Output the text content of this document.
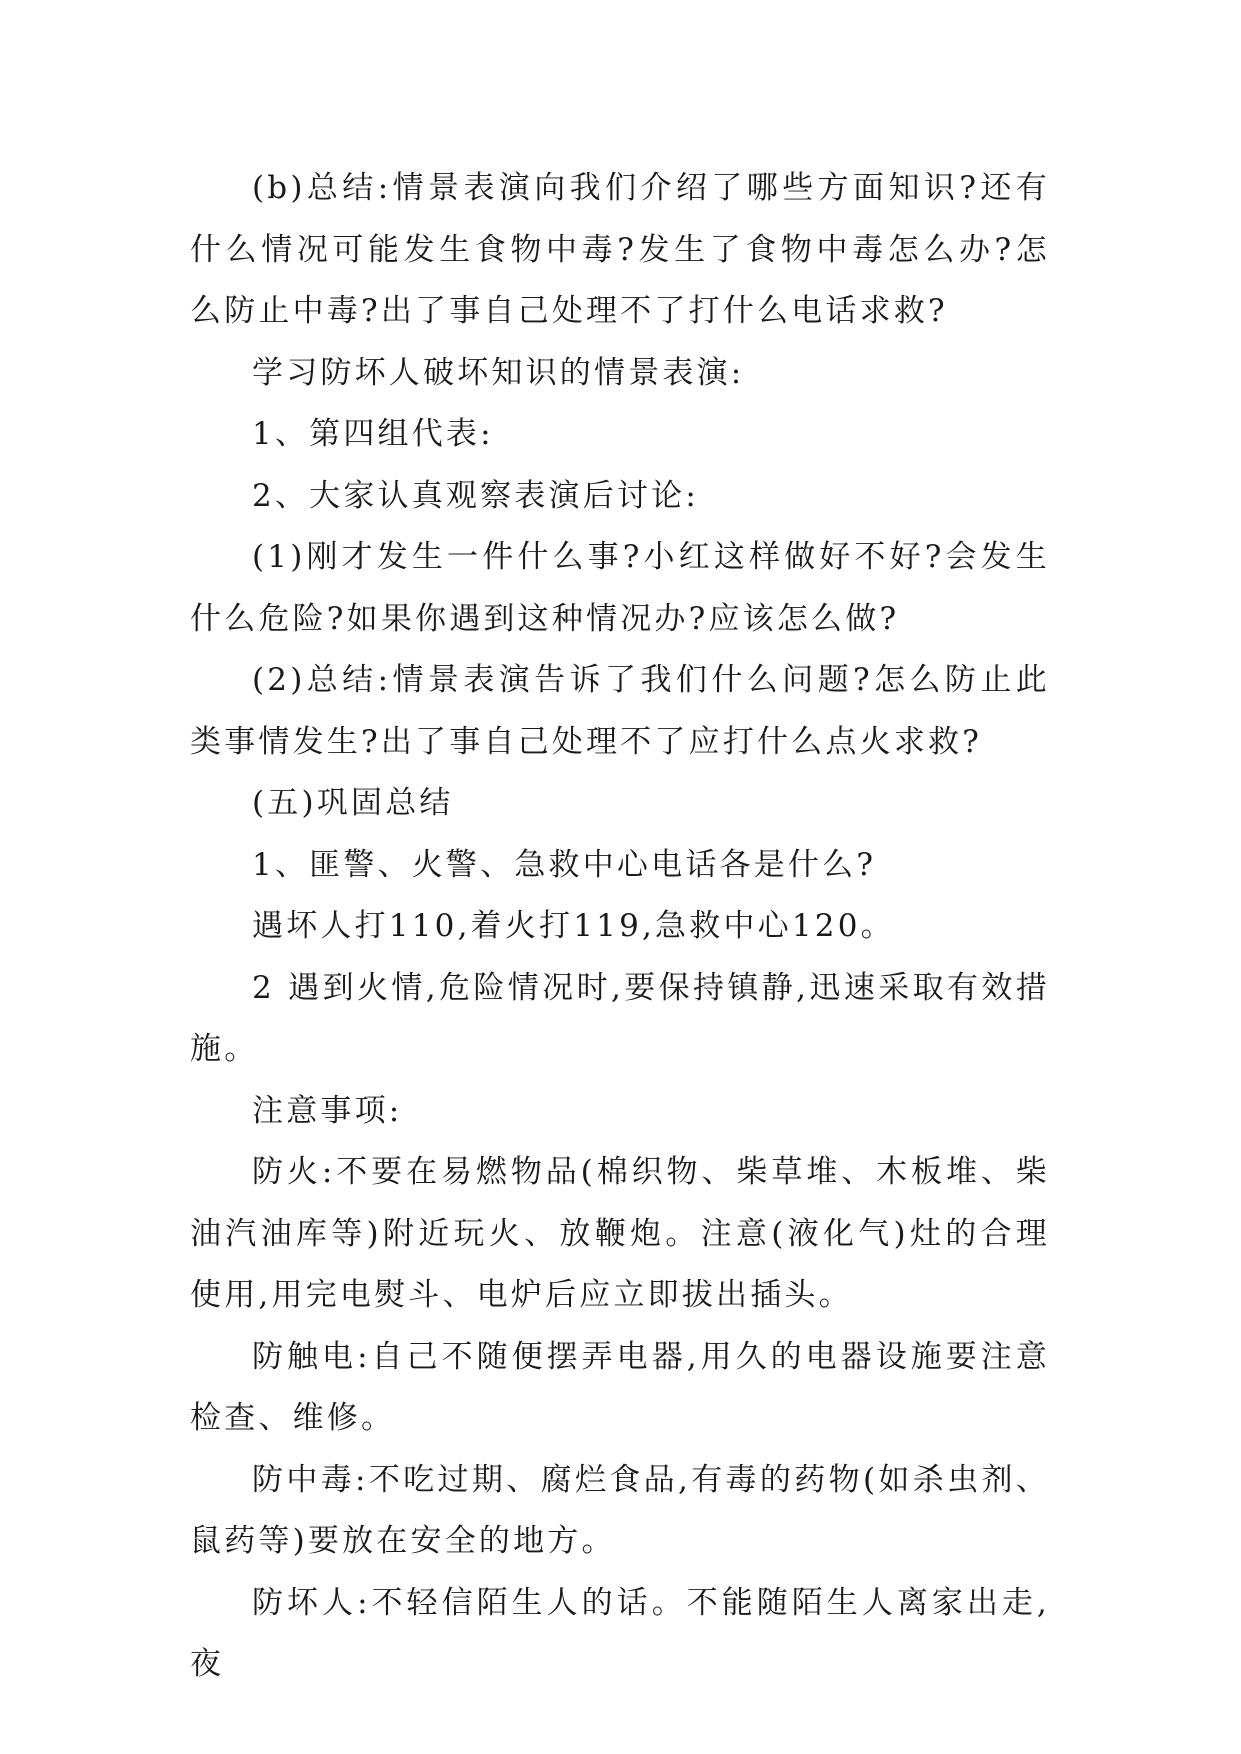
(b)总结:情景表演向我们介绍了哪些方面知识?还有什么情况可能发生食物中毒?发生了食物中毒怎么办?怎么防止中毒?出了事自己处理不了打什么电话求救?

学习防坏人破坏知识的情景表演:

1、第四组代表:

2、大家认真观察表演后讨论:

(1)刚才发生一件什么事?小红这样做好不好?会发生什么危险?如果你遇到这种情况办?应该怎么做?

(2)总结:情景表演告诉了我们什么问题?怎么防止此类事情发生?出了事自己处理不了应打什么点火求救?

(五)巩固总结

1、匪警、火警、急救中心电话各是什么?

遇坏人打110,着火打119,急救中心120。

2 遇到火情,危险情况时,要保持镇静,迅速采取有效措施。

注意事项:

防火:不要在易燃物品(棉织物、柴草堆、木板堆、柴油汽油库等)附近玩火、放鞭炮。注意(液化气)灶的合理使用,用完电熨斗、电炉后应立即拔出插头。

防触电:自己不随便摆弄电器,用久的电器设施要注意检查、维修。

防中毒:不吃过期、腐烂食品,有毒的药物(如杀虫剂、鼠药等)要放在安全的地方。

防坏人:不轻信陌生人的话。不能随陌生人离家出走,夜
